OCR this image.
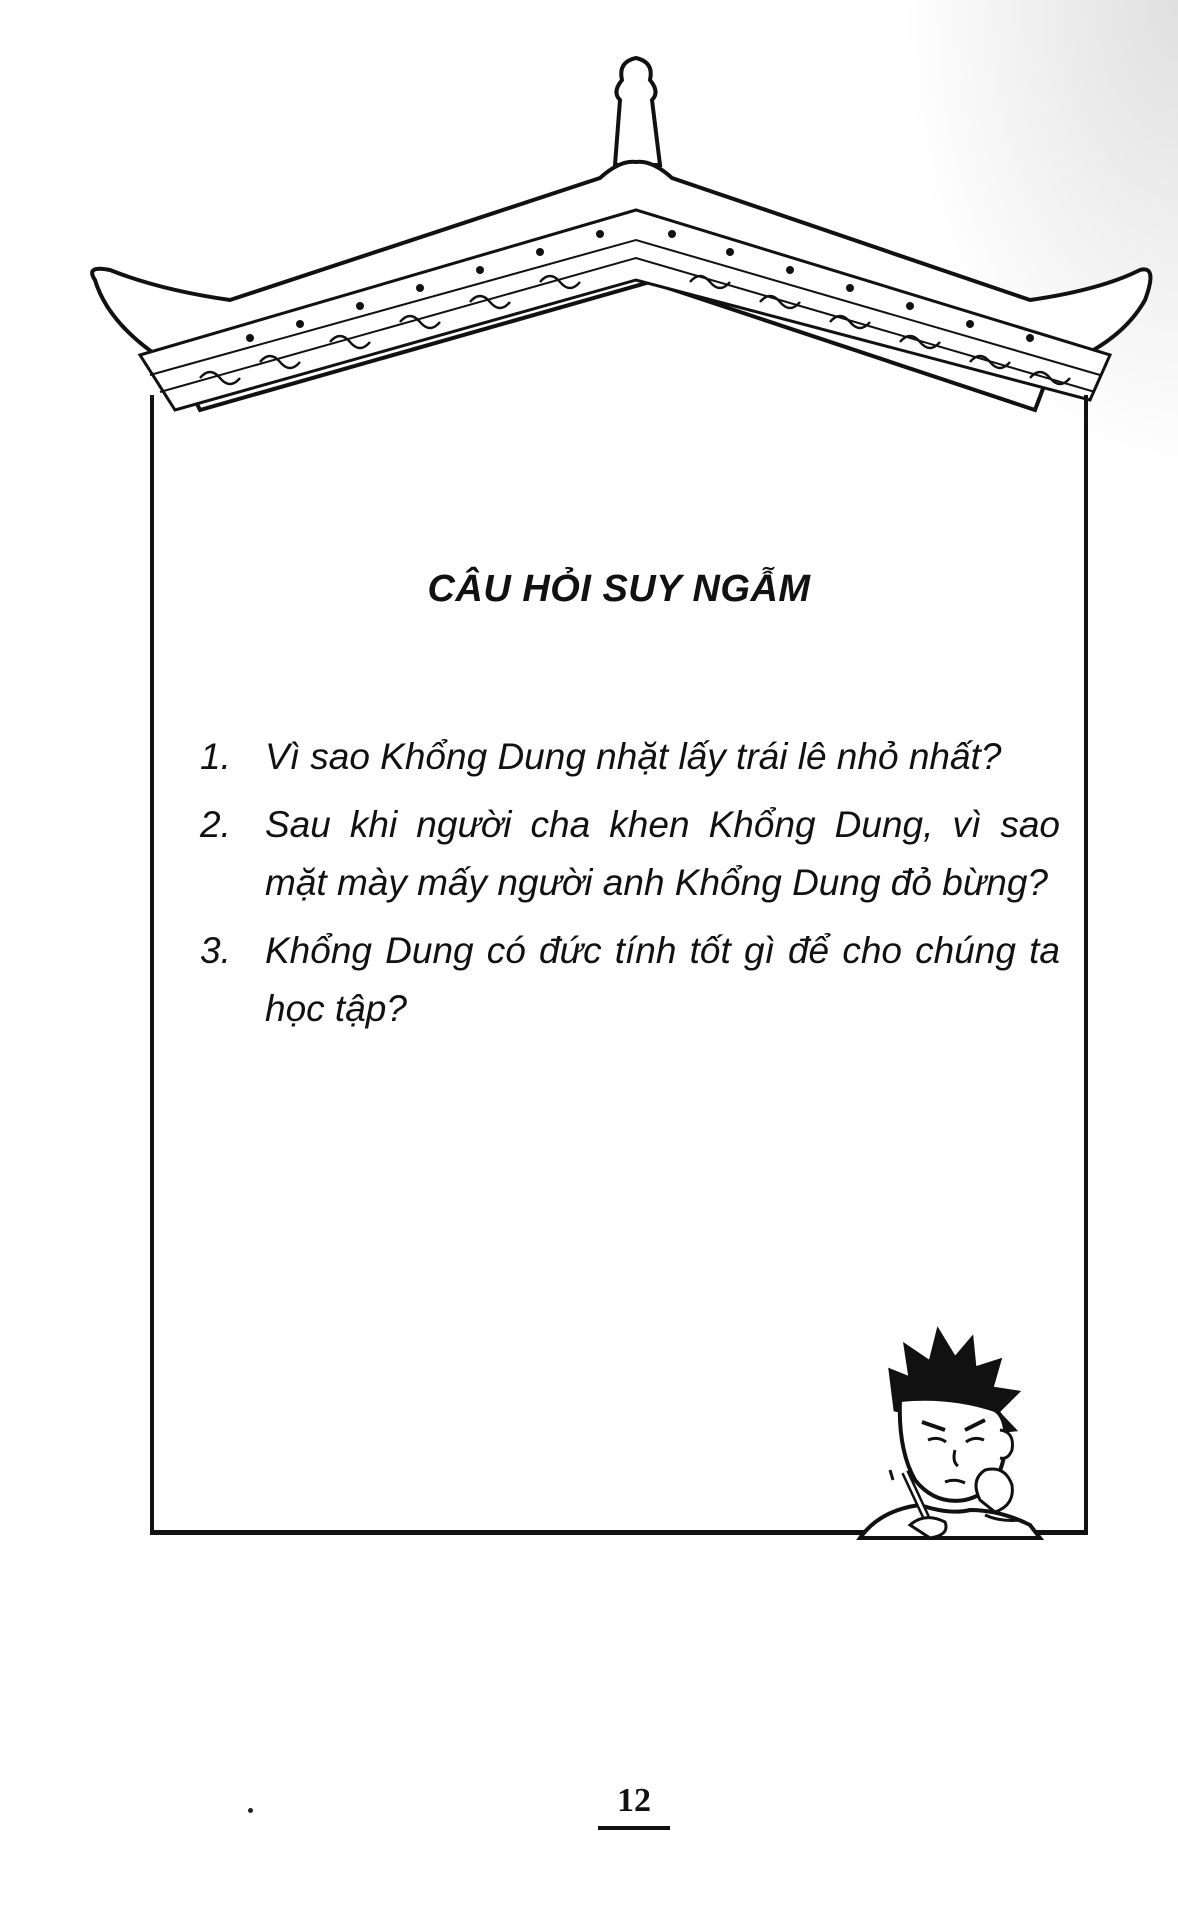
CÂU HỎI SUY NGẪM
1. Vì sao Khổng Dung nhặt lấy trái lê nhỏ nhất?
2. Sau khi người cha khen Khổng Dung, vì sao mặt mày mấy người anh Khổng Dung đỏ bừng?
3. Khổng Dung có đức tính tốt gì để cho chúng ta học tập?
12
